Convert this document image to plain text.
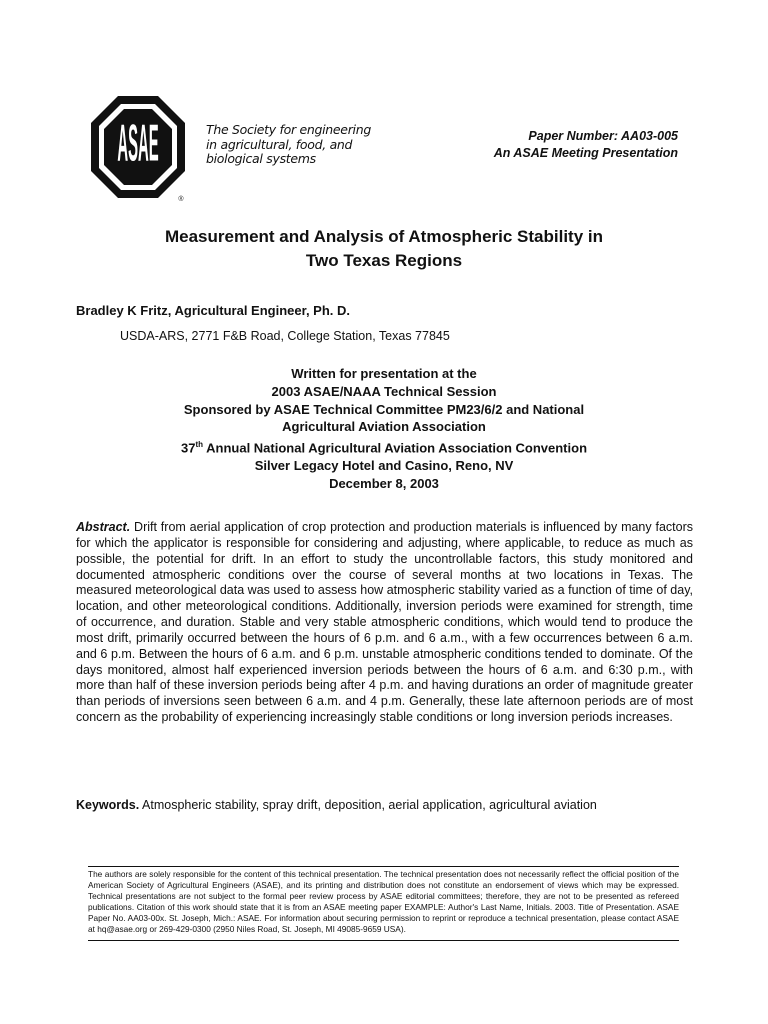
ASAE
®
The Society for engineering
in agricultural, food, and
biological systems
Paper Number: AA03-005
An ASAE Meeting Presentation
Measurement and Analysis of Atmospheric Stability in
Two Texas Regions
Bradley K Fritz, Agricultural Engineer, Ph. D.
USDA-ARS, 2771 F&B Road, College Station, Texas 77845
Written for presentation at the
2003 ASAE/NAAA Technical Session
Sponsored by ASAE Technical Committee PM23/6/2 and National
Agricultural Aviation Association
37th Annual National Agricultural Aviation Association Convention
Silver Legacy Hotel and Casino, Reno, NV
December 8, 2003
Abstract. Drift from aerial application of crop protection and production materials is influenced by many factors for which the applicator is responsible for considering and adjusting, where applicable, to reduce as much as possible, the potential for drift. In an effort to study the uncontrollable factors, this study monitored and documented atmospheric conditions over the course of several months at two locations in Texas. The measured meteorological data was used to assess how atmospheric stability varied as a function of time of day, location, and other meteorological conditions. Additionally, inversion periods were examined for strength, time of occurrence, and duration. Stable and very stable atmospheric conditions, which would tend to produce the most drift, primarily occurred between the hours of 6 p.m. and 6 a.m., with a few occurrences between 6 a.m. and 6 p.m. Between the hours of 6 a.m. and 6 p.m. unstable atmospheric conditions tended to dominate. Of the days monitored, almost half experienced inversion periods between the hours of 6 a.m. and 6:30 p.m., with more than half of these inversion periods being after 4 p.m. and having durations an order of magnitude greater than periods of inversions seen between 6 a.m. and 4 p.m. Generally, these late afternoon periods are of most concern as the probability of experiencing increasingly stable conditions or long inversion periods increases.
Keywords. Atmospheric stability, spray drift, deposition, aerial application, agricultural aviation
The authors are solely responsible for the content of this technical presentation. The technical presentation does not necessarily reflect the official position of the American Society of Agricultural Engineers (ASAE), and its printing and distribution does not constitute an endorsement of views which may be expressed. Technical presentations are not subject to the formal peer review process by ASAE editorial committees; therefore, they are not to be presented as refereed publications. Citation of this work should state that it is from an ASAE meeting paper EXAMPLE: Author's Last Name, Initials. 2003. Title of Presentation. ASAE Paper No. AA03-00x. St. Joseph, Mich.: ASAE. For information about securing permission to reprint or reproduce a technical presentation, please contact ASAE at hq@asae.org or 269-429-0300 (2950 Niles Road, St. Joseph, MI 49085-9659 USA).
